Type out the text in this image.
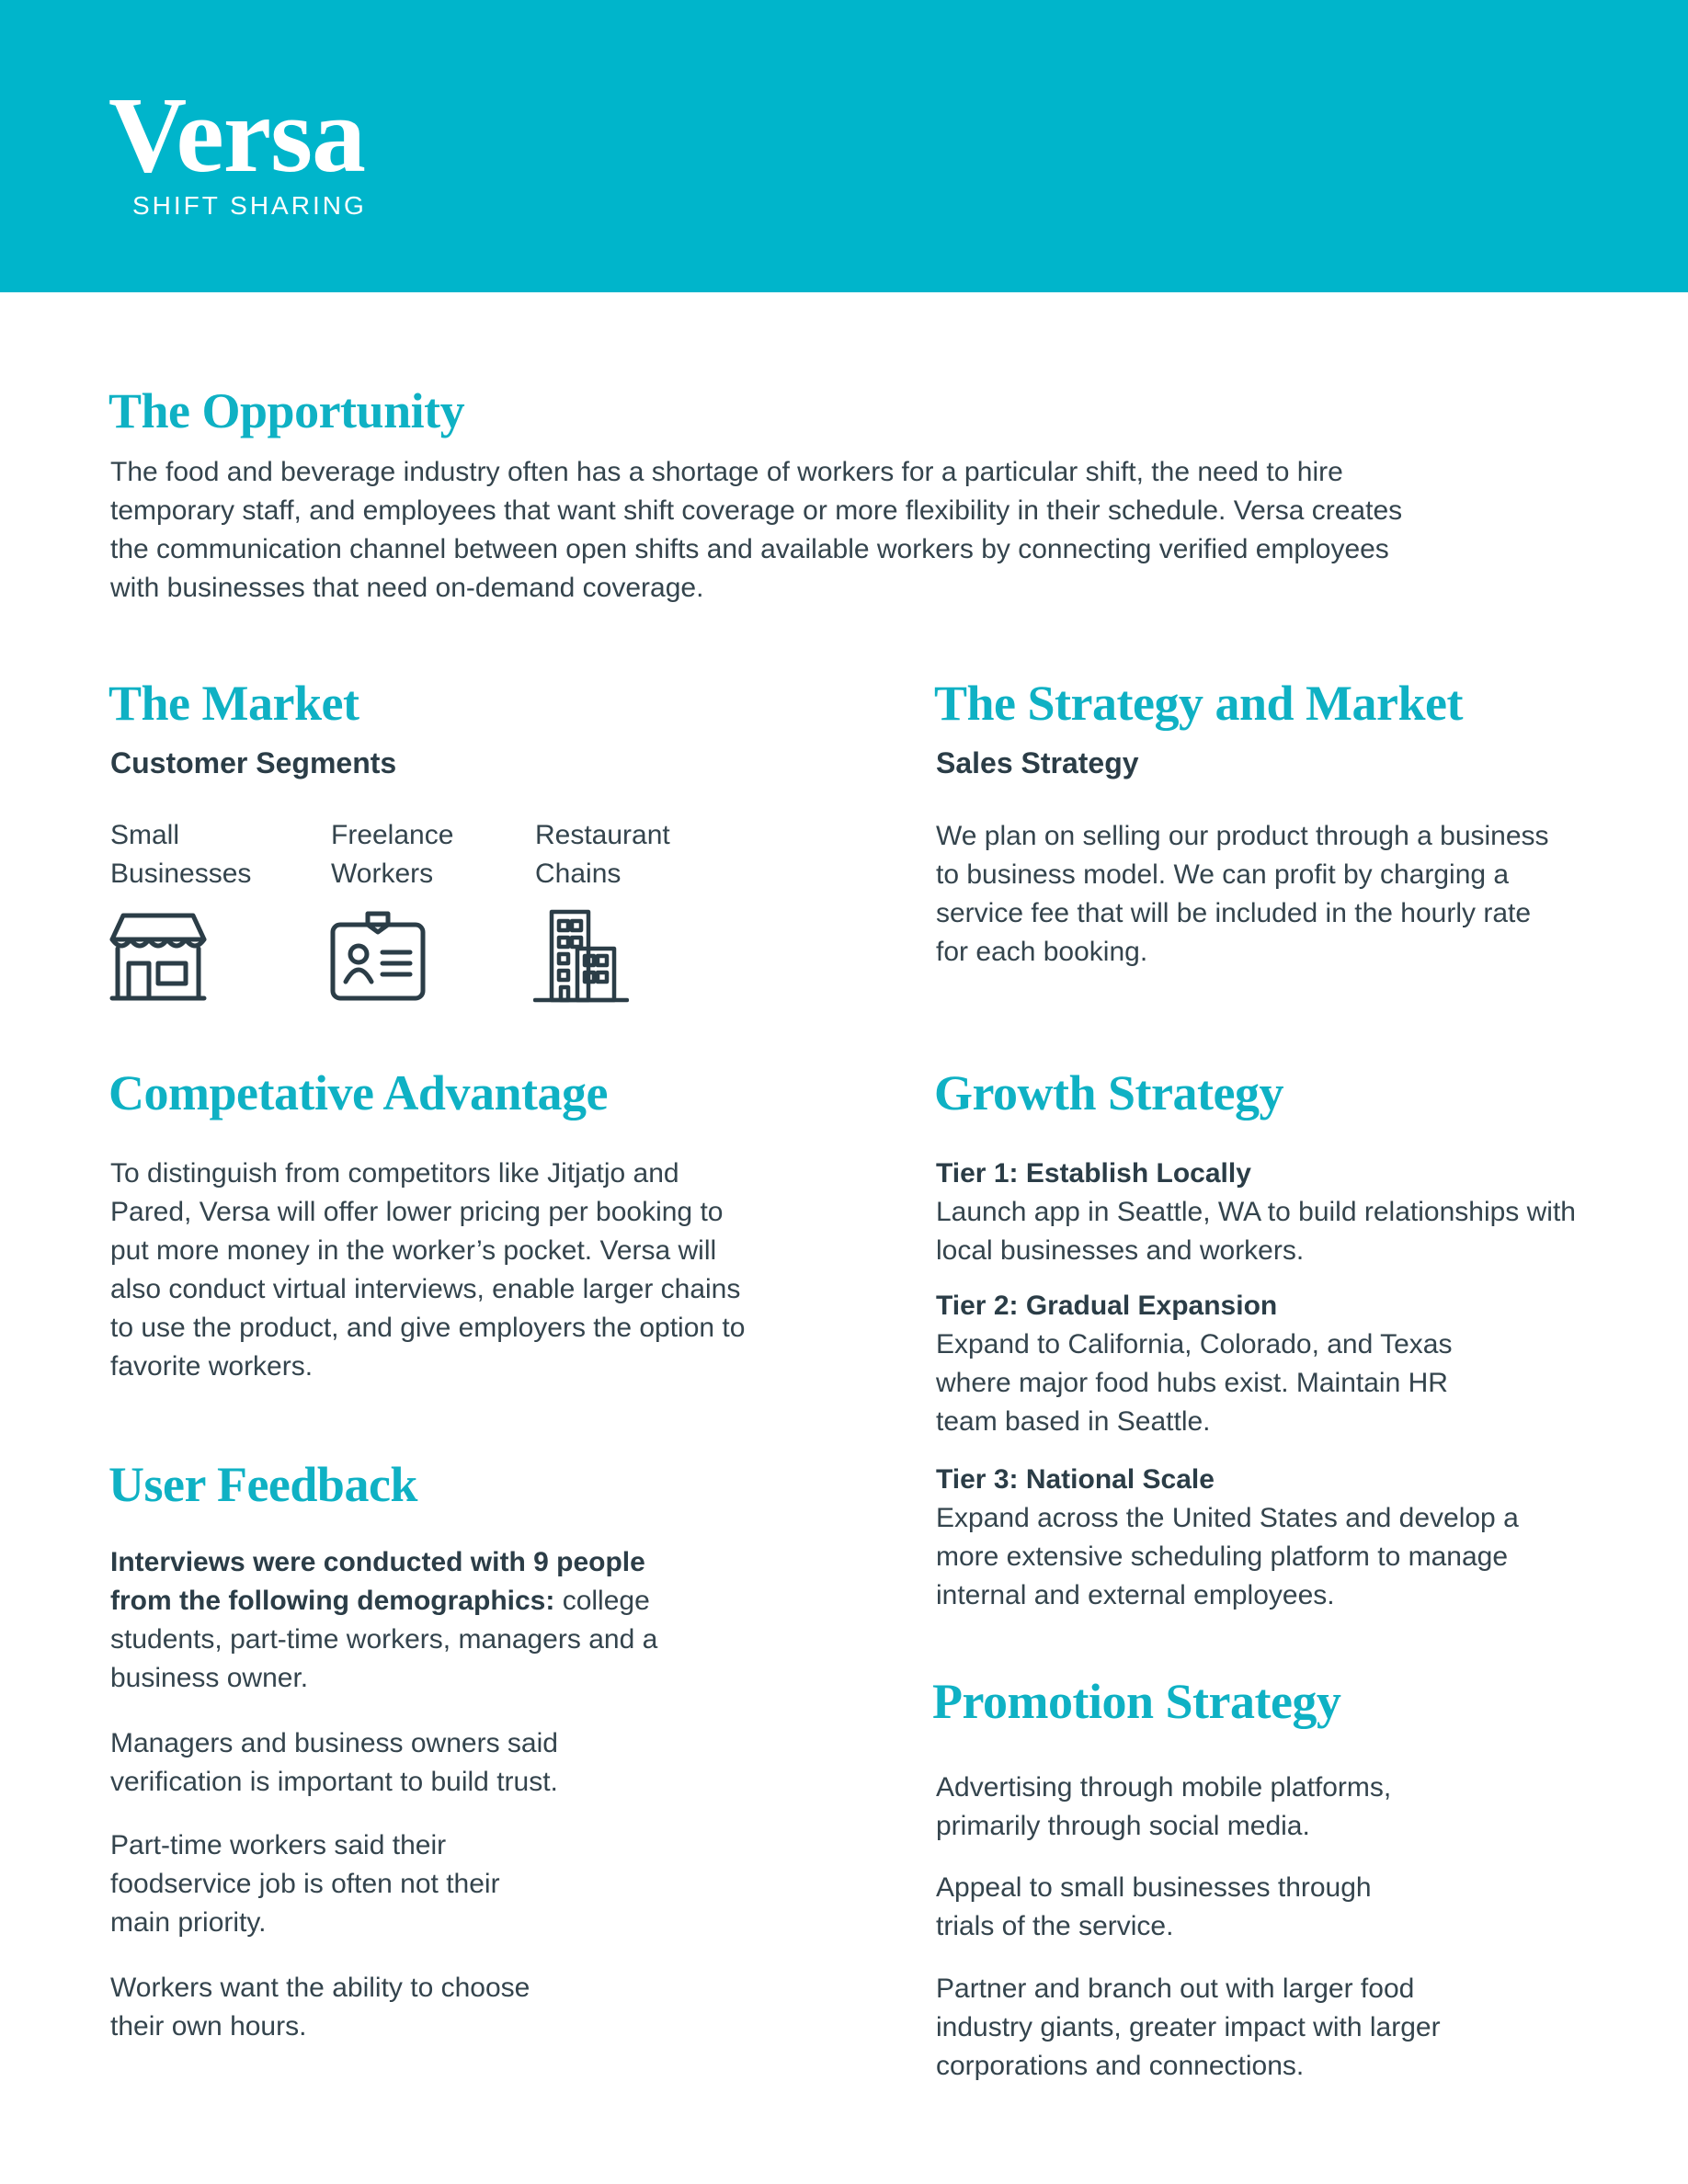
Versa
SHIFT SHARING
The Opportunity
The food and beverage industry often has a shortage of workers for a particular shift, the need to hire temporary staff, and employees that want shift coverage or more flexibility in their schedule. Versa creates the communication channel between open shifts and available workers by connecting verified employees with businesses that need on-demand coverage.
The Market
Customer Segments
Small
Businesses
Freelance
Workers
Restaurant
Chains
The Strategy and Market
Sales Strategy
We plan on selling our product through a business to business model. We can profit by charging a service fee that will be included in the hourly rate for each booking.
Competative Advantage
To distinguish from competitors like Jitjatjo and Pared, Versa will offer lower pricing per booking to put more money in the worker’s pocket. Versa will also conduct virtual interviews, enable larger chains to use the product, and give employers the option to favorite workers.
Growth Strategy
Tier 1: Establish Locally
Launch app in Seattle, WA to build relationships with local businesses and workers.
Tier 2: Gradual Expansion
Expand to California, Colorado, and Texas where major food hubs exist. Maintain HR team based in Seattle.
Tier 3: National Scale
Expand across the United States and develop a more extensive scheduling platform to manage internal and external employees.
User Feedback
Interviews were conducted with 9 people from the following demographics: college students, part-time workers, managers and a business owner.
Managers and business owners said verification is important to build trust.
Part-time workers said their foodservice job is often not their main priority.
Workers want the ability to choose their own hours.
Promotion Strategy
Advertising through mobile platforms, primarily through social media.
Appeal to small businesses through trials of the service.
Partner and branch out with larger food industry giants, greater impact with larger corporations and connections.
